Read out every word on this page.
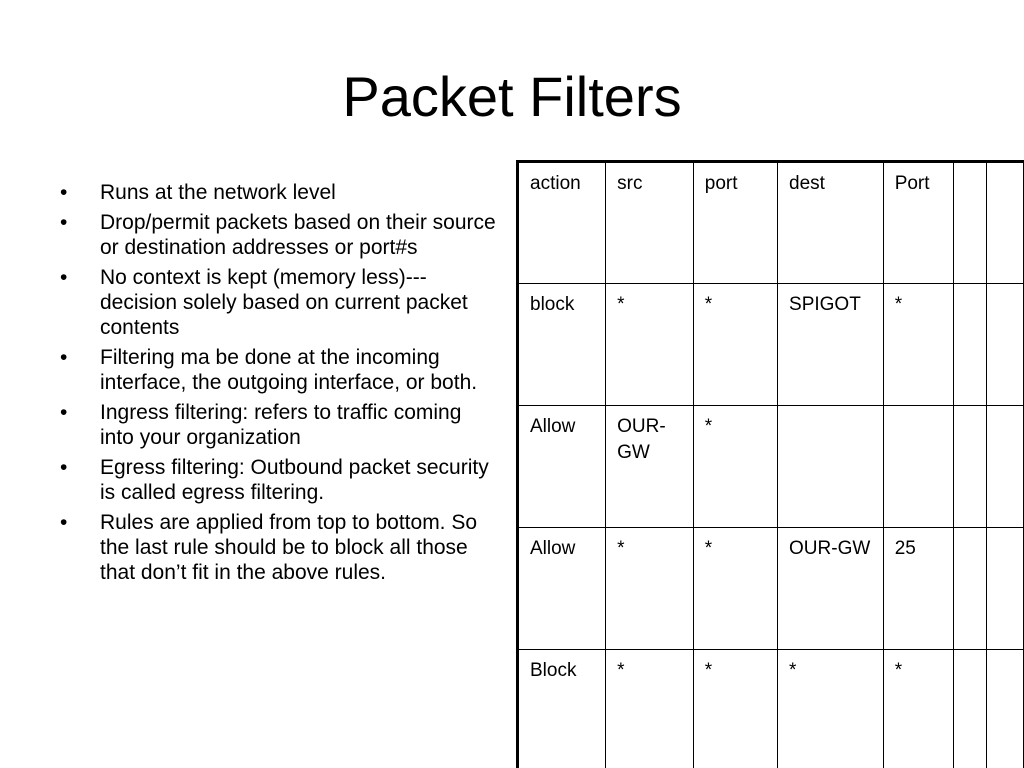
Packet Filters
• Runs at the network level
• Drop/permit packets based on their source or destination addresses or port#s
• No context is kept (memory less)---decision solely based on current packet contents
• Filtering ma be done at the incoming interface, the outgoing interface, or both.
• Ingress filtering: refers to traffic coming into your organization
• Egress filtering: Outbound packet security is called egress filtering.
• Rules are applied from top to bottom. So the last rule should be to block all those that don’t fit in the above rules.
action	src	port	dest	Port		
block	*	*	SPIGOT	*		
Allow	OUR-GW	*				
Allow	*	*	OUR-GW	25		
Block	*	*	*	*		
